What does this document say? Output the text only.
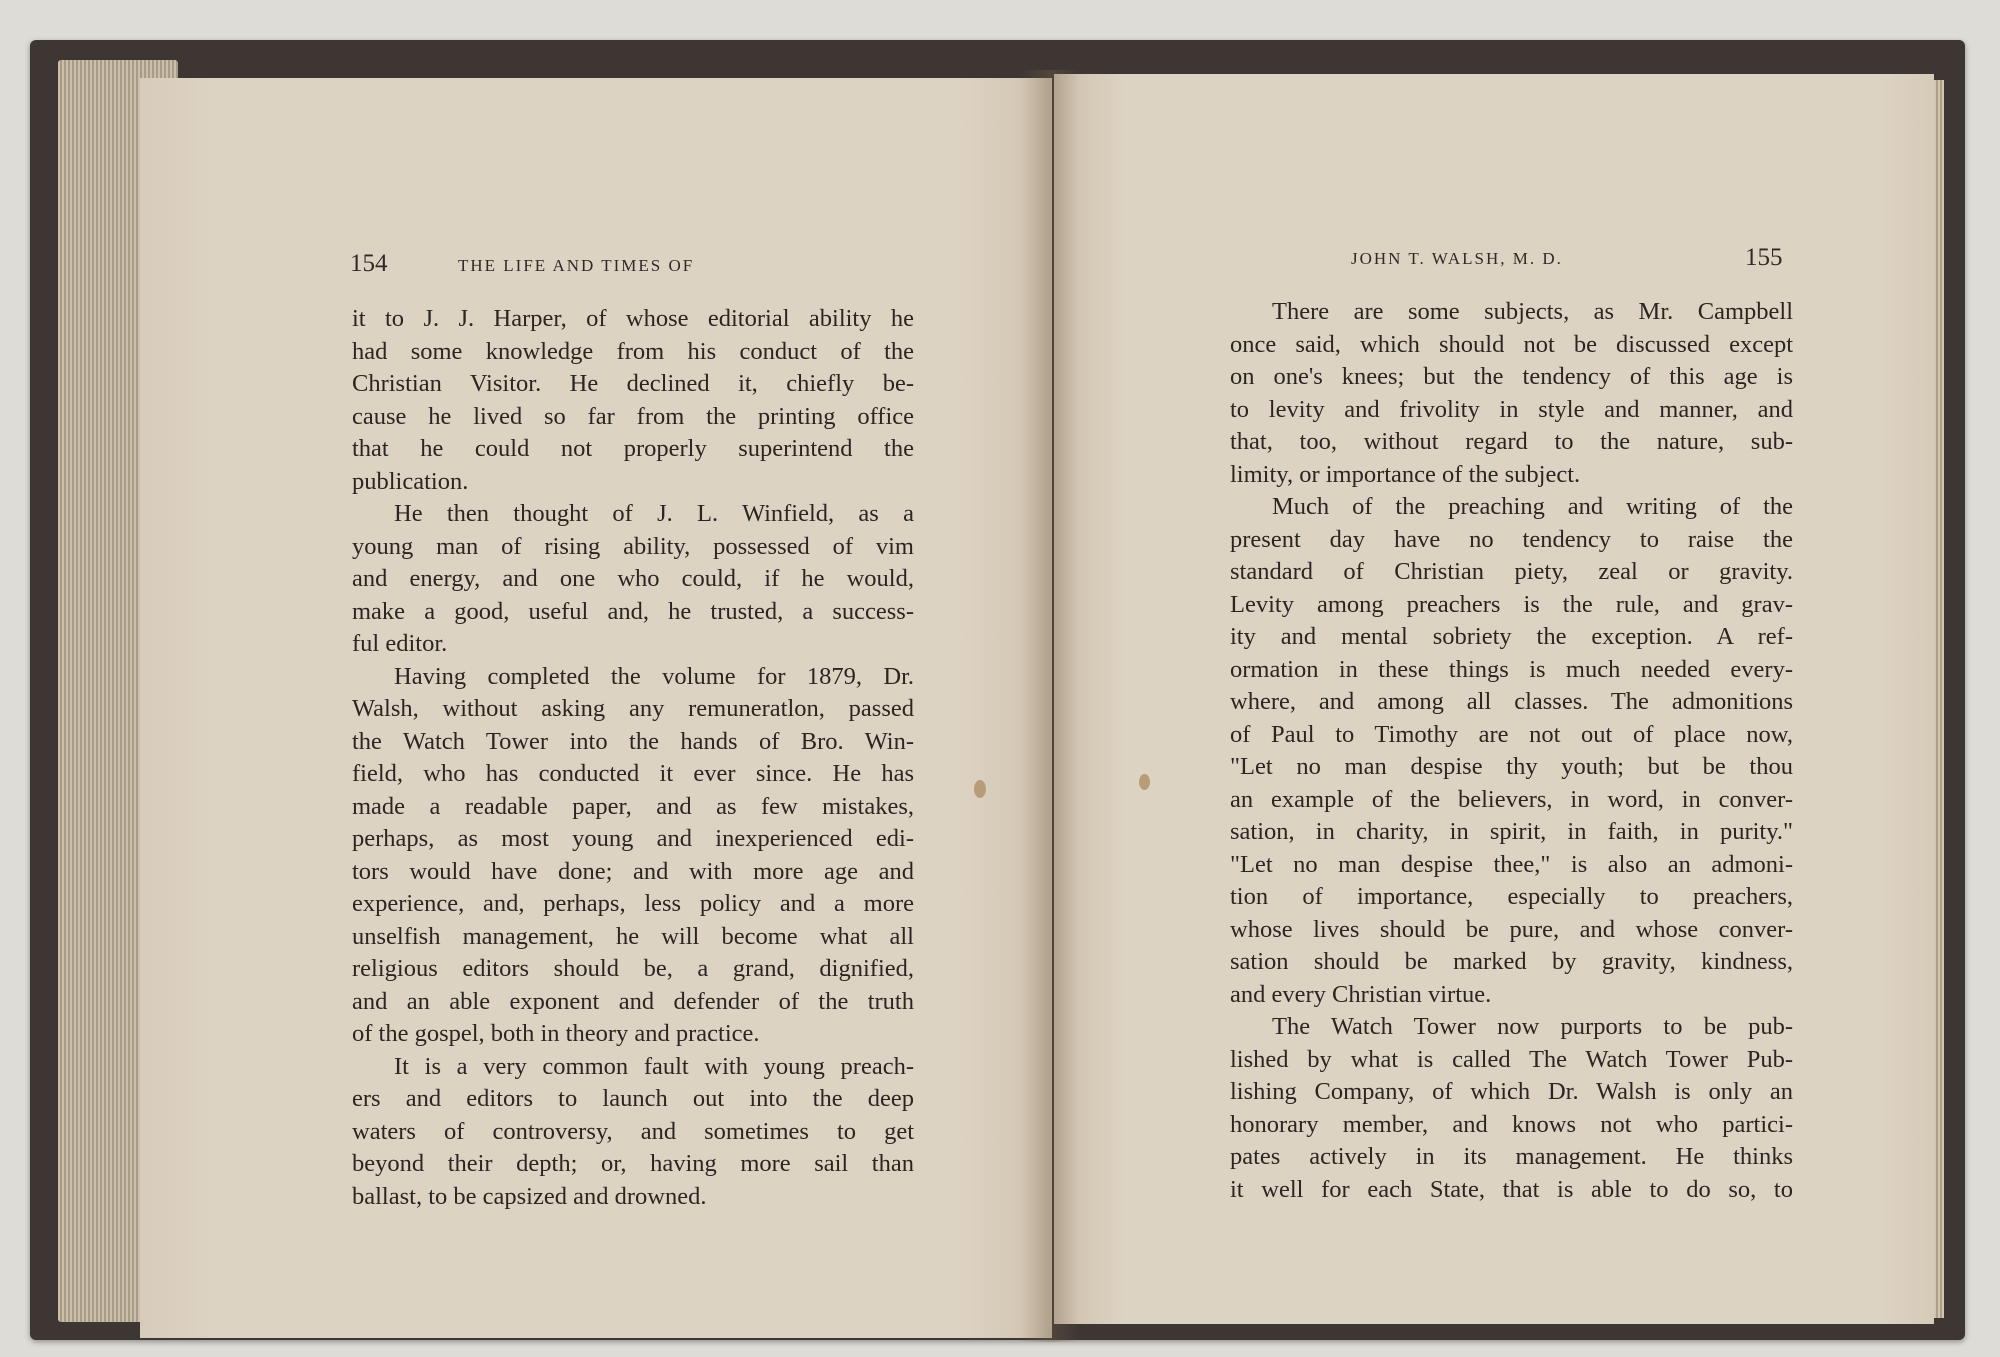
154	THE LIFE AND TIMES OF
it to J. J. Harper, of whose editorial ability he
had some knowledge from his conduct of the
Christian Visitor. He declined it, chiefly be-
cause he lived so far from the printing office
that he could not properly superintend the
publication.
He then thought of J. L. Winfield, as a
young man of rising ability, possessed of vim
and energy, and one who could, if he would,
make a good, useful and, he trusted, a success-
ful editor.
Having completed the volume for 1879, Dr.
Walsh, without asking any remuneratlon, passed
the Watch Tower into the hands of Bro. Win-
field, who has conducted it ever since. He has
made a readable paper, and as few mistakes,
perhaps, as most young and inexperienced edi-
tors would have done; and with more age and
experience, and, perhaps, less policy and a more
unselfish management, he will become what all
religious editors should be, a grand, dignified,
and an able exponent and defender of the truth
of the gospel, both in theory and practice.
It is a very common fault with young preach-
ers and editors to launch out into the deep
waters of controversy, and sometimes to get
beyond their depth; or, having more sail than
ballast, to be capsized and drowned.
JOHN T. WALSH, M. D.	155
There are some subjects, as Mr. Campbell
once said, which should not be discussed except
on one's knees; but the tendency of this age is
to levity and frivolity in style and manner, and
that, too, without regard to the nature, sub-
limity, or importance of the subject.
Much of the preaching and writing of the
present day have no tendency to raise the
standard of Christian piety, zeal or gravity.
Levity among preachers is the rule, and grav-
ity and mental sobriety the exception. A ref-
ormation in these things is much needed every-
where, and among all classes. The admonitions
of Paul to Timothy are not out of place now,
"Let no man despise thy youth; but be thou
an example of the believers, in word, in conver-
sation, in charity, in spirit, in faith, in purity."
"Let no man despise thee," is also an admoni-
tion of importance, especially to preachers,
whose lives should be pure, and whose conver-
sation should be marked by gravity, kindness,
and every Christian virtue.
The Watch Tower now purports to be pub-
lished by what is called The Watch Tower Pub-
lishing Company, of which Dr. Walsh is only an
honorary member, and knows not who partici-
pates actively in its management. He thinks
it well for each State, that is able to do so, to
